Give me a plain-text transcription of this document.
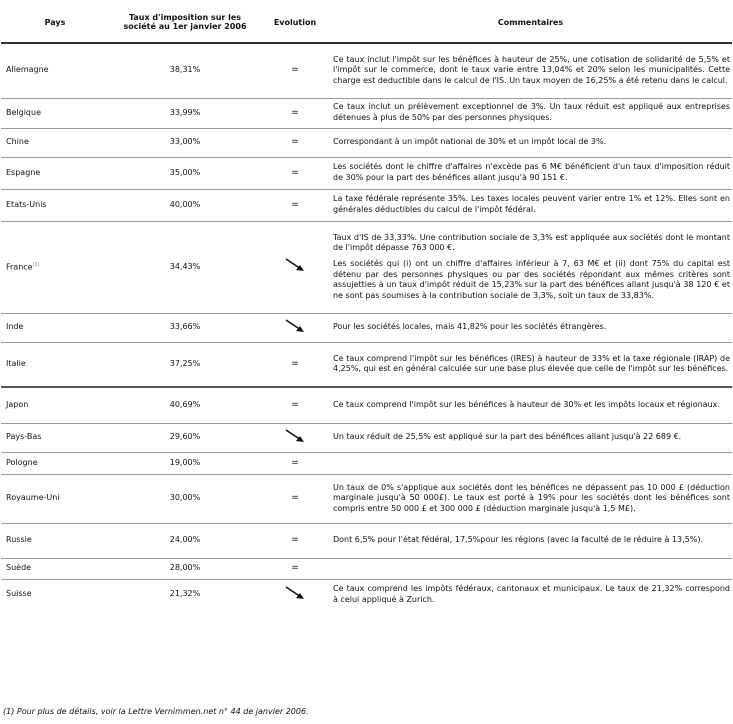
Pays	Taux d'imposition sur les société au 1er janvier 2006	Evolution	Commentaires
Allemagne	38,31%	=	Ce taux inclut l'impôt sur les bénéfices à hauteur de 25%, une cotisation de solidarité de 5,5% et l'impôt sur le commerce, dont le taux varie entre 13,04% et 20% selon les municipalités. Cette charge est deductible dans le calcul de l'IS. Un taux moyen de 16,25% a été retenu dans le calcul.

Belgique	33,99%	=	Ce taux inclut un prélèvement exceptionnel de 3%. Un taux réduit est appliqué aux entreprises détenues à plus de 50% par des personnes physiques.

Chine	33,00%	=	Correspondant à un impôt national de 30% et un impôt local de 3%.

Espagne	35,00%	=	Les sociétés dont le chiffre d'affaires n'excède pas 6 M€ bénéficient d'un taux d'imposition réduit de 30% pour la part des bénéfices allant jusqu'à 90 151 €.

Etats-Unis	40,00%	=	La taxe fédérale représente 35%. Les taxes locales peuvent varier entre 1% et 12%. Elles sont en générales déductibles du calcul de l'impôt fédéral.

France$^{(1)}$	34,43%		Taux d'IS de 33,33%. Une contribution sociale de 3,3% est appliquée aux sociétés dont le montant de l'impôt dépasse 763 000 €.

Les sociétés qui (i) ont un chiffre d'affaires inférieur à 7, 63 M€ et (ii) dont 75% du capital est détenu par des personnes physiques ou par des sociétés répondant aux mêmes critères sont assujetties à un taux d'impôt réduit de 15,23% sur la part des bénéfices allant jusqu'à 38 120 € et ne sont pas soumises à la contribution sociale de 3,3%, soit un taux de 33,83%.

Inde	33,66%		Pour les sociétés locales, mais 41,82% pour les sociétés étrangères.

Italie	37,25%	=	Ce taux comprend l'impôt sur les bénéfices (IRES) à hauteur de 33% et la taxe régionale (IRAP) de 4,25%, qui est en général calculée sur une base plus élevée que celle de l'impôt sur les bénéfices.

Japon	40,69%	=	Ce taux comprend l'impôt sur les bénéfices à hauteur de 30% et les impôts locaux et régionaux.

Pays-Bas	29,60%		Un taux réduit de 25,5% est appliqué sur la part des bénéfices allant jusqu'à 22 689 €.

Pologne	19,00%	=	
Royaume-Uni	30,00%	=	Un taux de 0% s'applique aux sociétés dont les bénéfices ne dépassent pas 10 000 £ (déduction marginale jusqu'à 50 000£). Le taux est porté à 19% pour les sociétés dont les bénéfices sont compris entre 50 000 £ et 300 000 £ (déduction marginale jusqu'à 1,5 M£).

Russie	24,00%	=	Dont 6,5% pour l'état fédéral, 17,5%pour les régions (avec la faculté de le réduire à 13,5%).

Suède	28,00%	=	
Suisse	21,32%		Ce taux comprend les impôts fédéraux, cantonaux et municipaux. Le taux de 21,32% correspond à celui appliqué à Zurich.

(1) Pour plus de détails, voir la Lettre Vernimmen.net n° 44 de janvier 2006.
